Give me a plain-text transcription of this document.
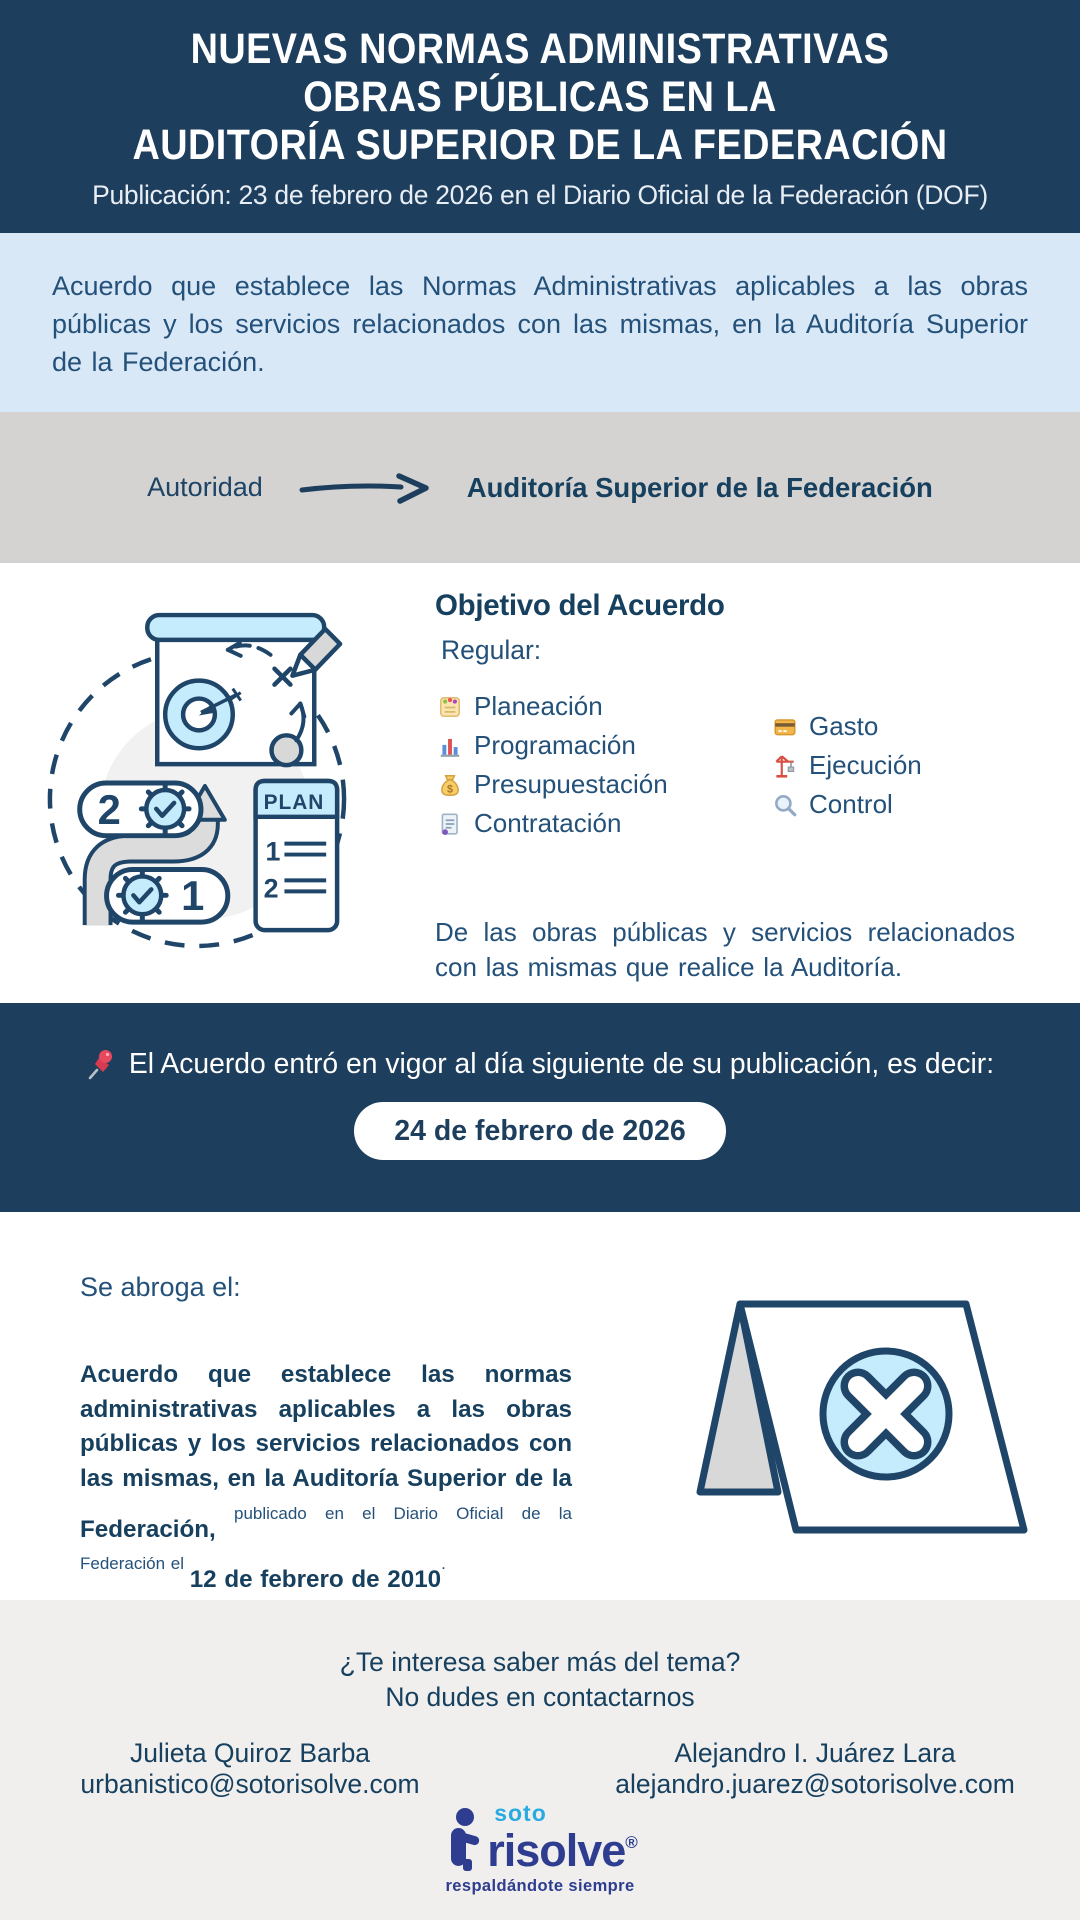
NUEVAS NORMAS ADMINISTRATIVAS
OBRAS PÚBLICAS EN LA
AUDITORÍA SUPERIOR DE LA FEDERACIÓN
Publicación: 23 de febrero de 2026 en el Diario Oficial de la Federación (DOF)

Acuerdo que establece las Normas Administrativas aplicables a las obras públicas y los servicios relacionados con las mismas, en la Auditoría Superior de la Federación.

Autoridad	Auditoría Superior de la Federación
2
1
PLAN
1
2
Objetivo del Acuerdo
Regular:
Planeación
Programación
$ Presupuestación
Contratación
Gasto
Ejecución
Control

De las obras públicas y servicios relacionados con las mismas que realice la Auditoría.

El Acuerdo entró en vigor al día siguiente de su publicación, es decir:
24 de febrero de 2026
Se abroga el:

Acuerdo que establece las normas administrativas aplicables a las obras públicas y los servicios relacionados con las mismas, en la Auditoría Superior de la Federación, $^{publicado en el Diario Oficial de la Federación el}$ 12 de febrero de 2010.

¿Te interesa saber más del tema?
No dudes en contactarnos
Julieta Quiroz Barba
urbanistico@sotorisolve.com
Alejandro I. Juárez Lara
alejandro.juarez@sotorisolve.com
soto
risolve®
respaldándote siempre
